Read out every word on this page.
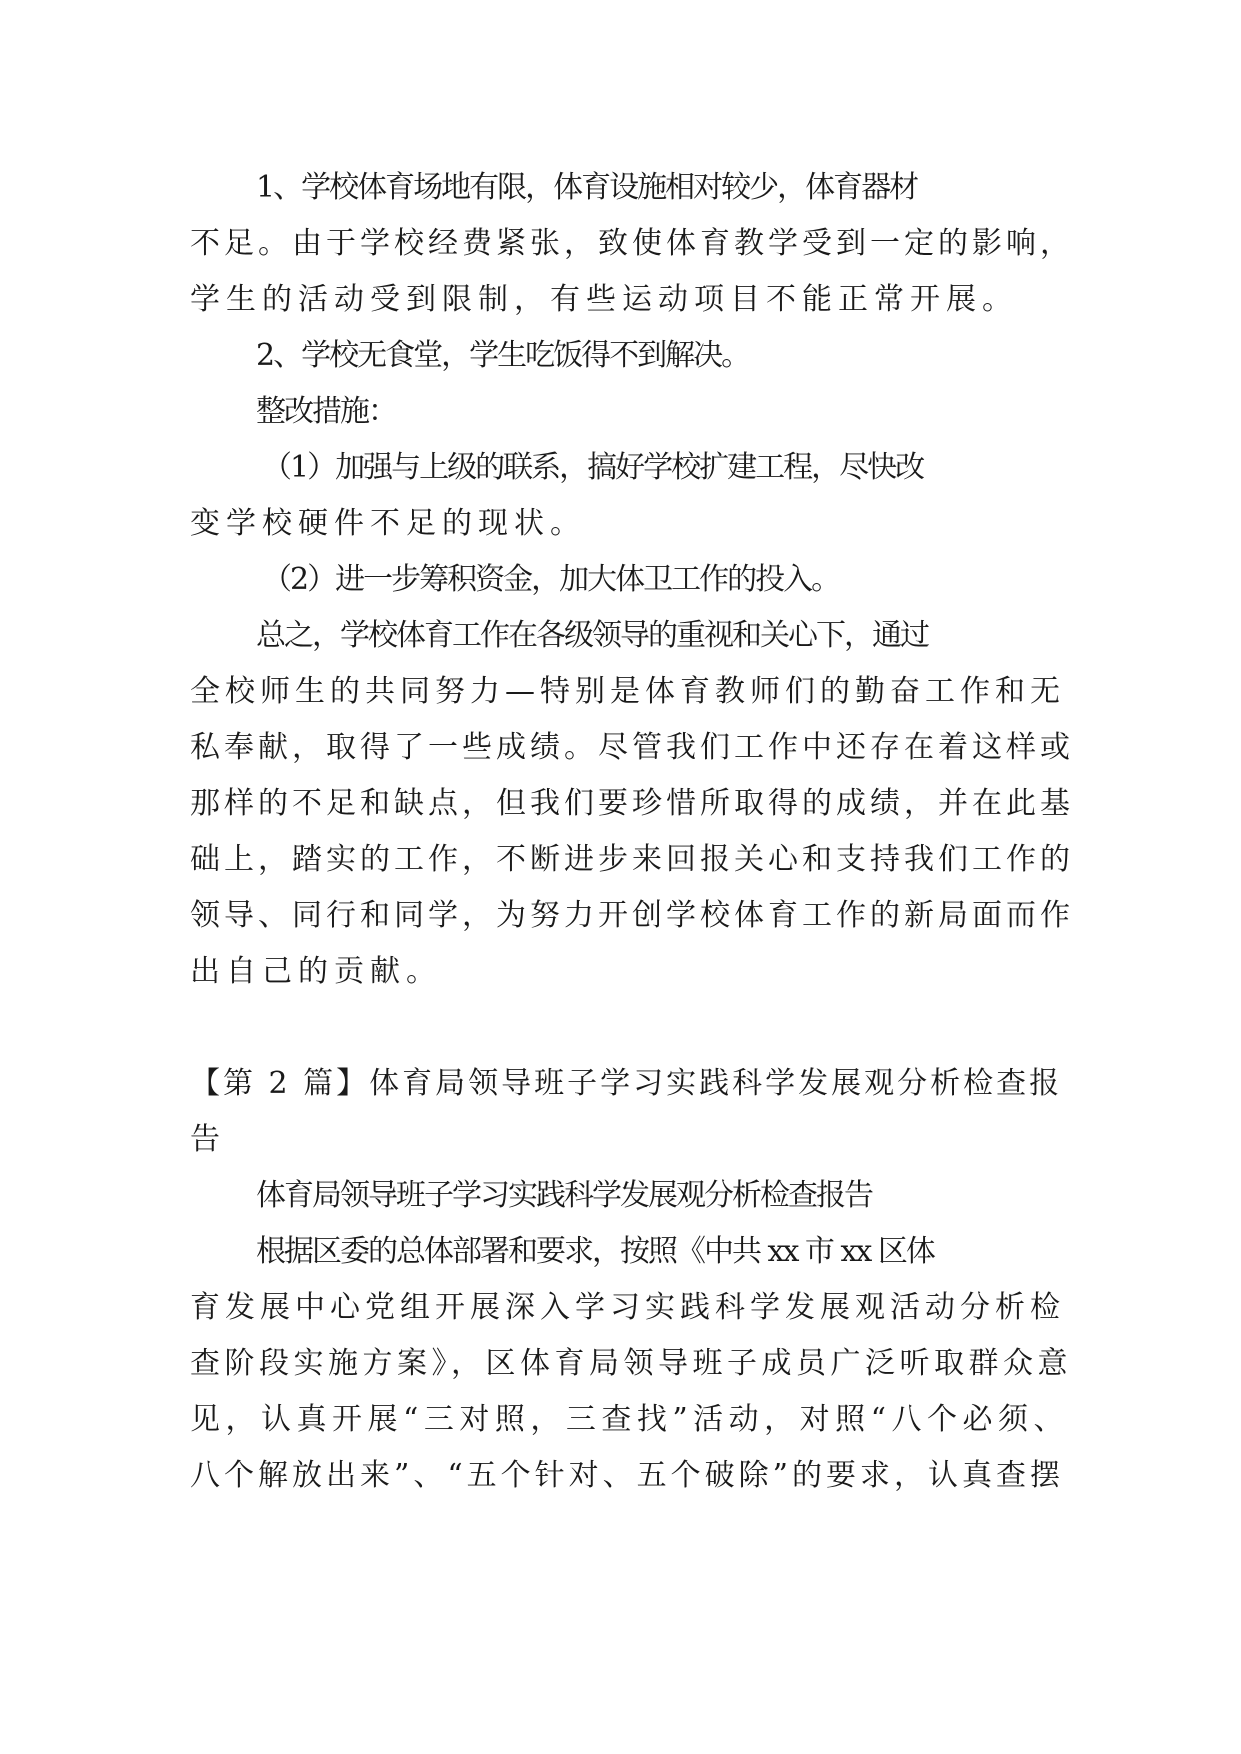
1、学校体育场地有限，体育设施相对较少，体育器材
不足。由于学校经费紧张，致使体育教学受到一定的影响，
学生的活动受到限制，有些运动项目不能正常开展。
2、学校无食堂，学生吃饭得不到解决。
整改措施：
（1）加强与上级的联系，搞好学校扩建工程，尽快改
变学校硬件不足的现状。
（2）进一步筹积资金，加大体卫工作的投入。
总之，学校体育工作在各级领导的重视和关心下，通过
全校师生的共同努力—特别是体育教师们的勤奋工作和无
私奉献，取得了一些成绩。尽管我们工作中还存在着这样或
那样的不足和缺点，但我们要珍惜所取得的成绩，并在此基
础上，踏实的工作，不断进步来回报关心和支持我们工作的
领导、同行和同学，为努力开创学校体育工作的新局面而作
出自己的贡献。
【第 2 篇】体育局领导班子学习实践科学发展观分析检查报
告
体育局领导班子学习实践科学发展观分析检查报告
根据区委的总体部署和要求，按照《中共 xx 市 xx 区体
育发展中心党组开展深入学习实践科学发展观活动分析检
查阶段实施方案》，区体育局领导班子成员广泛听取群众意
见，认真开展“三对照，三查找”活动，对照“八个必须、
八个解放出来”、“五个针对、五个破除”的要求，认真查摆
